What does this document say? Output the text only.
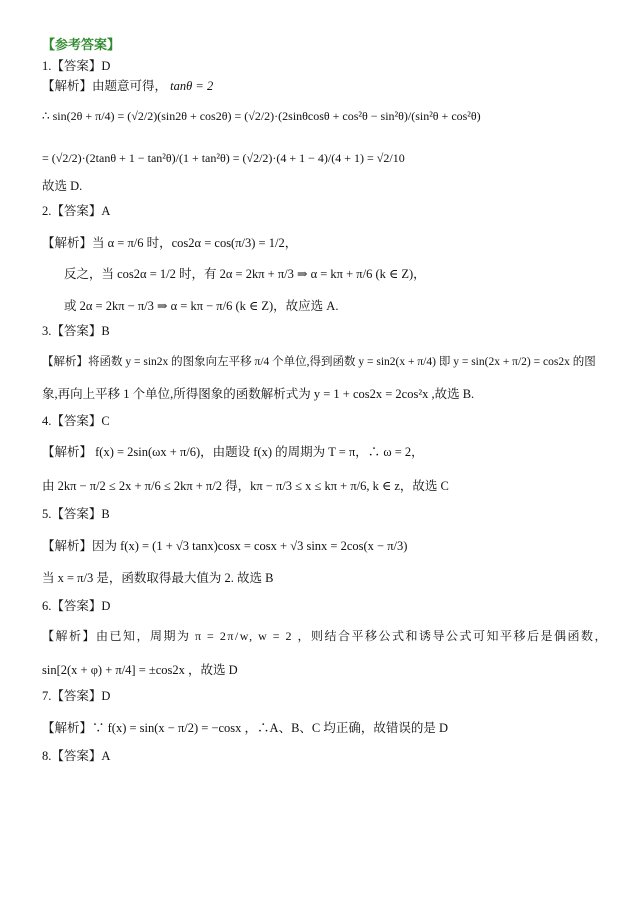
【参考答案】
1.【答案】D
【解析】由题意可得， tanθ = 2
∴ sin(2θ + π/4) = (√2/2)(sin2θ + cos2θ) = (√2/2)·(2sinθcosθ + cos²θ − sin²θ)/(sin²θ + cos²θ)
= (√2/2)·(2tanθ + 1 − tan²θ)/(1 + tan²θ) = (√2/2)·(4 + 1 − 4)/(4 + 1) = √2/10
故选 D.
2.【答案】A
【解析】当 α = π/6 时，cos2α = cos(π/3) = 1/2，
反之，当 cos2α = 1/2 时，有 2α = 2kπ + π/3 ⇒ α = kπ + π/6 (k ∈ Z)，
或 2α = 2kπ − π/3 ⇒ α = kπ − π/6 (k ∈ Z)，故应选 A.
3.【答案】B
【解析】将函数 y = sin2x 的图象向左平移 π/4 个单位,得到函数 y = sin2(x + π/4) 即 y = sin(2x + π/2) = cos2x 的图
象,再向上平移 1 个单位,所得图象的函数解析式为 y = 1 + cos2x = 2cos²x ,故选 B.
4.【答案】C
【解析】 f(x) = 2sin(ωx + π/6)，由题设 f(x) 的周期为 T = π，∴ ω = 2，
由 2kπ − π/2 ≤ 2x + π/6 ≤ 2kπ + π/2 得，kπ − π/3 ≤ x ≤ kπ + π/6, k ∈ z，故选 C
5.【答案】B
【解析】因为 f(x) = (1 + √3 tanx)cosx = cosx + √3 sinx = 2cos(x − π/3)
当 x = π/3 是，函数取得最大值为 2. 故选 B
6.【答案】D
【解析】由已知，周期为 π = 2π/w, w = 2 ，则结合平移公式和诱导公式可知平移后是偶函数，
sin[2(x + φ) + π/4] = ±cos2x ，故选 D
7.【答案】D
【解析】∵ f(x) = sin(x − π/2) = −cosx ，∴A、B、C 均正确，故错误的是 D
8.【答案】A
